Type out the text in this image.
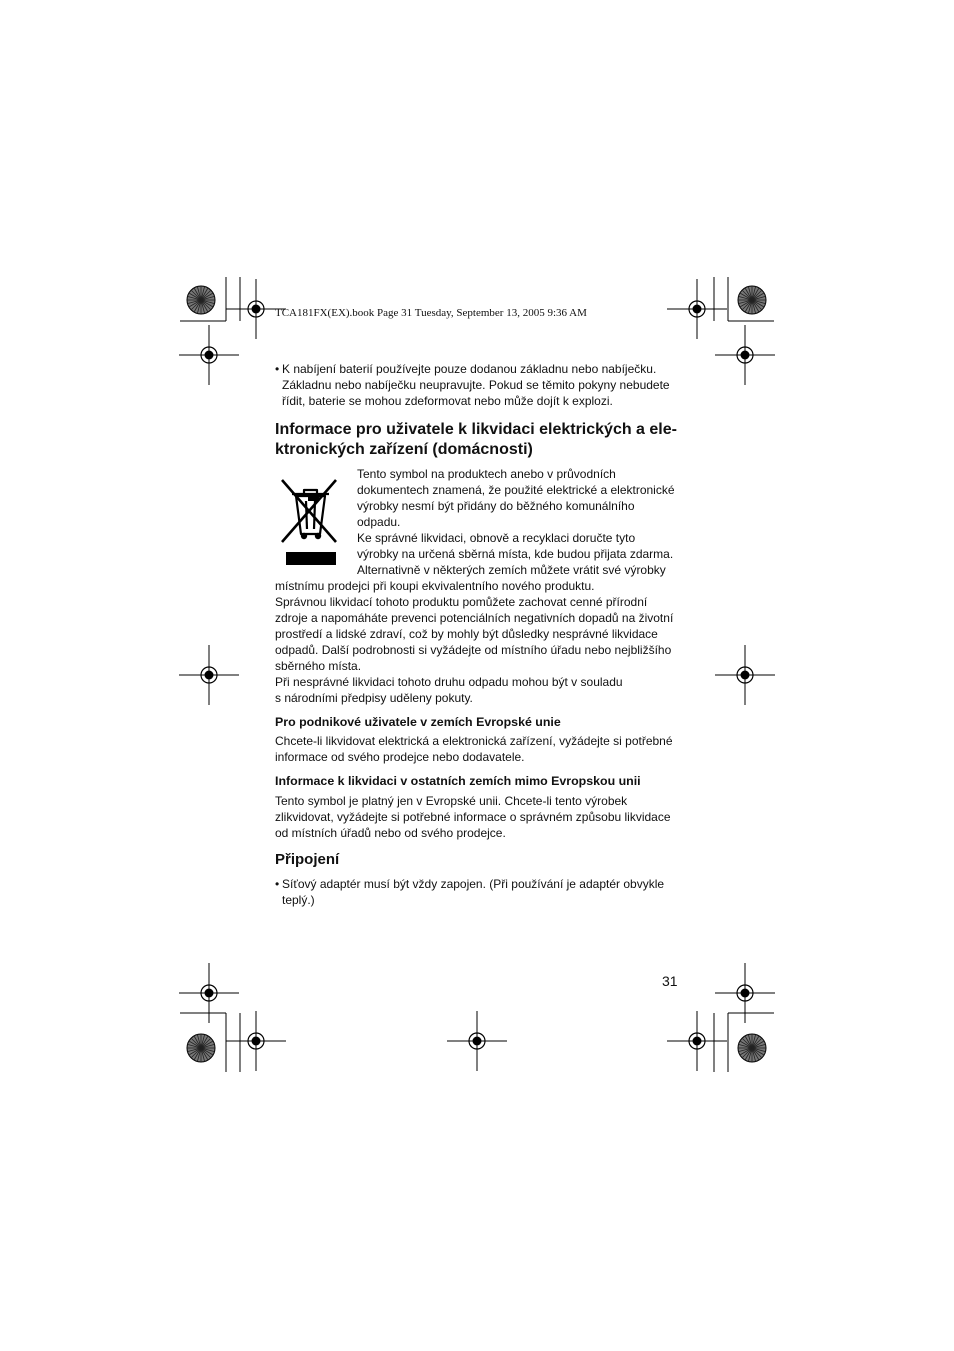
TCA181FX(EX).book Page 31 Tuesday, September 13, 2005 9:36 AM
• K nabíjení baterií používejte pouze dodanou základnu nebo nabíječku.
Základnu nebo nabíječku neupravujte. Pokud se těmito pokyny nebudete
řídit, baterie se mohou zdeformovat nebo může dojít k explozi.
Informace pro uživatele k likvidaci elektrických a ele-
ktronických zařízení (domácnosti)
Tento symbol na produktech anebo v průvodních
dokumentech znamená, že použité elektrické a elektronické
výrobky nesmí být přidány do běžného komunálního
odpadu.
Ke správné likvidaci, obnově a recyklaci doručte tyto
výrobky na určená sběrná místa, kde budou přijata zdarma.
Alternativně v některých zemích můžete vrátit své výrobky
místnímu prodejci při koupi ekvivalentního nového produktu.
Správnou likvidací tohoto produktu pomůžete zachovat cenné přírodní
zdroje a napomáháte prevenci potenciálních negativních dopadů na životní
prostředí a lidské zdraví, což by mohly být důsledky nesprávné likvidace
odpadů. Další podrobnosti si vyžádejte od místního úřadu nebo nejbližšího
sběrného místa.
Při nesprávné likvidaci tohoto druhu odpadu mohou být v souladu
s národními předpisy uděleny pokuty.
Pro podnikové uživatele v zemích Evropské unie
Chcete-li likvidovat elektrická a elektronická zařízení, vyžádejte si potřebné
informace od svého prodejce nebo dodavatele.
Informace k likvidaci v ostatních zemích mimo Evropskou unii
Tento symbol je platný jen v Evropské unii. Chcete-li tento výrobek
zlikvidovat, vyžádejte si potřebné informace o správném způsobu likvidace
od místních úřadů nebo od svého prodejce.
Připojení
• Síťový adaptér musí být vždy zapojen. (Při používání je adaptér obvykle
teplý.)
31
